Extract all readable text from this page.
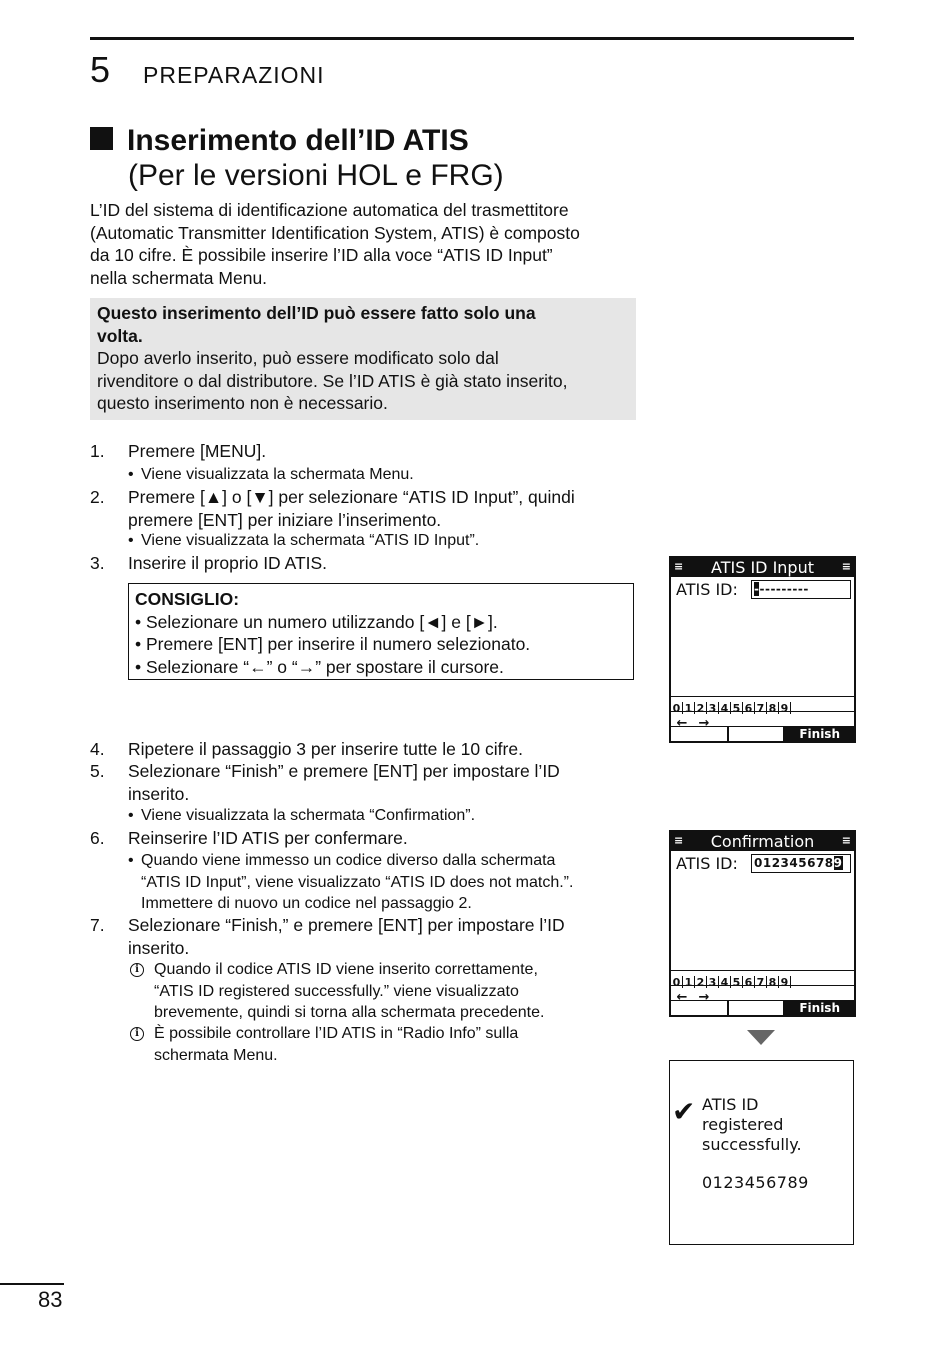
5 PREPARAZIONI
Inserimento dell’ID ATIS
(Per le versioni HOL e FRG)
L’ID del sistema di identificazione automatica del trasmettitore
(Automatic Transmitter Identification System, ATIS) è composto
da 10 cifre. È possibile inserire l’ID alla voce “ATIS ID Input”
nella schermata Menu.
Questo inserimento dell’ID può essere fatto solo una
volta.
Dopo averlo inserito, può essere modificato solo dal
rivenditore o dal distributore. Se l’ID ATIS è già stato inserito,
questo inserimento non è necessario.
1. Premere [MENU].
• Viene visualizzata la schermata Menu.
2. Premere [▲] o [▼] per selezionare “ATIS ID Input”, quindi
premere [ENT] per iniziare l’inserimento.
• Viene visualizzata la schermata “ATIS ID Input”.
3. Inserire il proprio ID ATIS.
CONSIGLIO:
• Selezionare un numero utilizzando [◄] e [►].
• Premere [ENT] per inserire il numero selezionato.
• Selezionare “←” o “→” per spostare il cursore.
4. Ripetere il passaggio 3 per inserire tutte le 10 cifre.
5. Selezionare “Finish” e premere [ENT] per impostare l’ID
inserito.
• Viene visualizzata la schermata “Confirmation”.
6. Reinserire l’ID ATIS per confermare.
• Quando viene immesso un codice diverso dalla schermata
“ATIS ID Input”, viene visualizzato “ATIS ID does not match.”.
Immettere di nuovo un codice nel passaggio 2.
7. Selezionare “Finish,” e premere [ENT] per impostare l’ID
inserito.
i Quando il codice ATIS ID viene inserito correttamente,
“ATIS ID registered successfully.” viene visualizzato
brevemente, quindi si torna alla schermata precedente.
i È possibile controllare l’ID ATIS in “Radio Info” sulla
schermata Menu.
≡	ATIS ID Input	≡
ATIS ID: ----------
0 1 2 3 4 5 6 7 8 9
← →
Finish
≡	Confirmation	≡
ATIS ID: 0123456789
0 1 2 3 4 5 6 7 8 9
← →
Finish
✔ ATIS ID
registered
successfully.
0123456789
83
